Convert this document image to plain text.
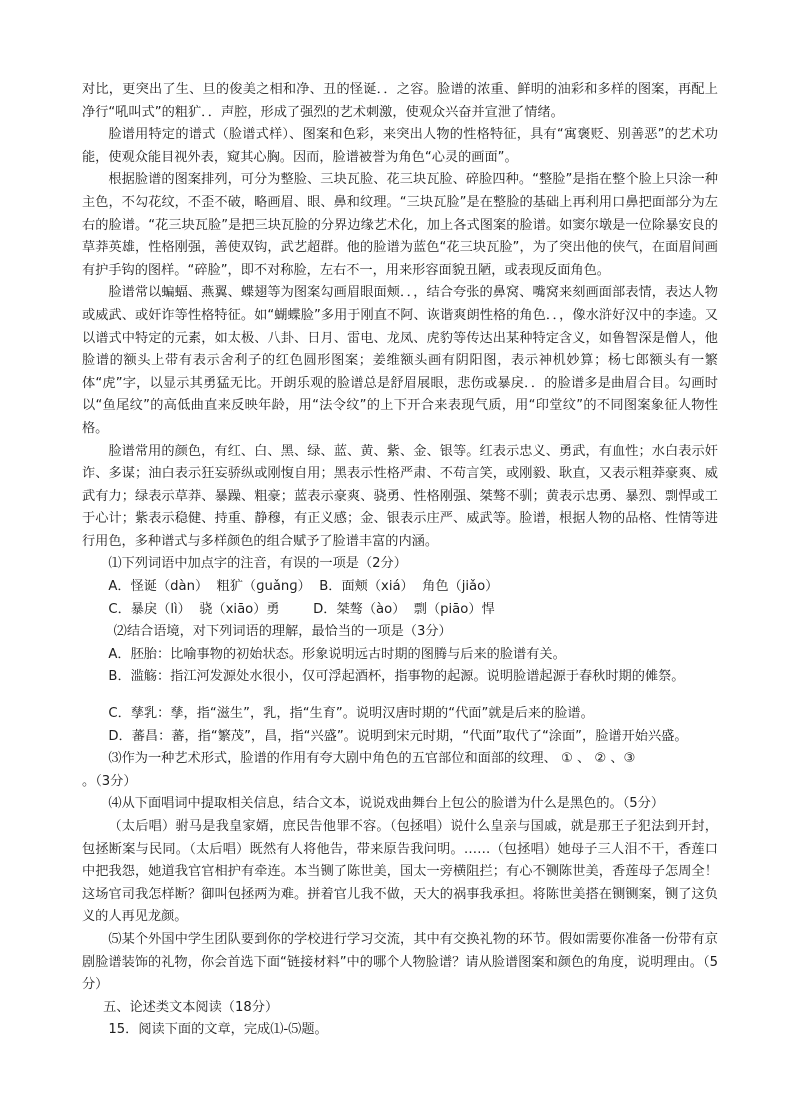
对比，更突出了生、旦的俊美之相和净、丑的怪诞．．之容。脸谱的浓重、鲜明的油彩和多样的图案，再配上净行“吼叫式”的粗犷．．声腔，形成了强烈的艺术刺激，使观众兴奋并宣泄了情绪。

脸谱用特定的谱式（脸谱式样）、图案和色彩，来突出人物的性格特征，具有“寓褒贬、别善恶”的艺术功能，使观众能目视外表，窥其心胸。因而，脸谱被誉为角色“心灵的画面”。

根据脸谱的图案排列，可分为整脸、三块瓦脸、花三块瓦脸、碎脸四种。“整脸”是指在整个脸上只涂一种主色，不勾花纹，不歪不破，略画眉、眼、鼻和纹理。“三块瓦脸”是在整脸的基础上再利用口鼻把面部分为左右的脸谱。“花三块瓦脸”是把三块瓦脸的分界边缘艺术化，加上各式图案的脸谱。如窦尔墩是一位除暴安良的草莽英雄，性格刚强，善使双钩，武艺超群。他的脸谱为蓝色“花三块瓦脸”，为了突出他的侠气，在面眉间画有护手钩的图样。“碎脸”，即不对称脸，左右不一，用来形容面貌丑陋，或表现反面角色。

脸谱常以蝙蝠、燕翼、蝶翅等为图案勾画眉眼面颊．．，结合夸张的鼻窝、嘴窝来刻画面部表情，表达人物或威武、或奸诈等性格特征。如“蝴蝶脸”多用于刚直不阿、诙谐爽朗性格的角色．．，像水浒好汉中的李逵。又以谱式中特定的元素，如太极、八卦、日月、雷电、龙凤、虎豹等传达出某种特定含义，如鲁智深是僧人，他脸谱的额头上带有表示舍利子的红色圆形图案；姜维额头画有阴阳图，表示神机妙算；杨七郎额头有一繁体“虎”字，以显示其勇猛无比。开朗乐观的脸谱总是舒眉展眼，悲伤或暴戾．．的脸谱多是曲眉合目。勾画时以“鱼尾纹”的高低曲直来反映年龄，用“法令纹”的上下开合来表现气质，用“印堂纹”的不同图案象征人物性格。

脸谱常用的颜色，有红、白、黑、绿、蓝、黄、紫、金、银等。红表示忠义、勇武，有血性；水白表示奸诈、多谋；油白表示狂妄骄纵或刚愎自用；黑表示性格严肃、不苟言笑，或刚毅、耿直，又表示粗莽豪爽、威武有力；绿表示草莽、暴躁、粗豪；蓝表示豪爽、骁勇、性格刚强、桀骜不驯；黄表示忠勇、暴烈、剽悍或工于心计；紫表示稳健、持重、静穆，有正义感；金、银表示庄严、威武等。脸谱，根据人物的品格、性情等进行用色，多种谱式与多样颜色的组合赋予了脸谱丰富的内涵。

⑴下列词语中加点字的注音，有误的一项是（2分）

A．怪诞（dàn）  粗犷（ɡuǎnɡ）  B．面颊（xiá）  角色（jiǎo）

C．暴戾（lì）  骁（xiāo）勇        D．桀骜（ào）  剽（piāo）悍

⑵结合语境，对下列词语的理解，最恰当的一项是（3分）

A．胚胎：比喻事物的初始状态。形象说明远古时期的图腾与后来的脸谱有关。

B．滥觞：指江河发源处水很小，仅可浮起酒杯，指事物的起源。说明脸谱起源于春秋时期的傩祭。

C．孳乳：孳，指“滋生”，乳，指“生育”。说明汉唐时期的“代面”就是后来的脸谱。

D．蕃昌：蕃，指“繁茂”，昌，指“兴盛”。说明到宋元时期，“代面”取代了“涂面”，脸谱开始兴盛。

⑶作为一种艺术形式，脸谱的作用有夸大剧中角色的五官部位和面部的纹理、 ① 、 ② 、③

。（3分）

⑷从下面唱词中提取相关信息，结合文本，说说戏曲舞台上包公的脸谱为什么是黑色的。（5分）

（太后唱）驸马是我皇家婿，庶民告他罪不容。（包拯唱）说什么皇亲与国戚，就是那王子犯法到开封，包拯断案与民同。（太后唱）既然有人将他告，带来原告我问明。……（包拯唱）她母子三人泪不干，香莲口中把我怨，她道我官官相护有牵连。本当铡了陈世美，国太一旁横阻拦；有心不铡陈世美，香莲母子怎周全！这场官司我怎样断？御叫包拯两为难。拼着官儿我不做，天大的祸事我承担。将陈世美搭在铡铡案，铡了这负义的人再见龙颜。

⑸某个外国中学生团队要到你的学校进行学习交流，其中有交换礼物的环节。假如需要你准备一份带有京剧脸谱装饰的礼物，你会首选下面“链接材料”中的哪个人物脸谱？请从脸谱图案和颜色的角度，说明理由。（5分）

五、论述类文本阅读（18分）

15．阅读下面的文章，完成⑴-⑸题。
